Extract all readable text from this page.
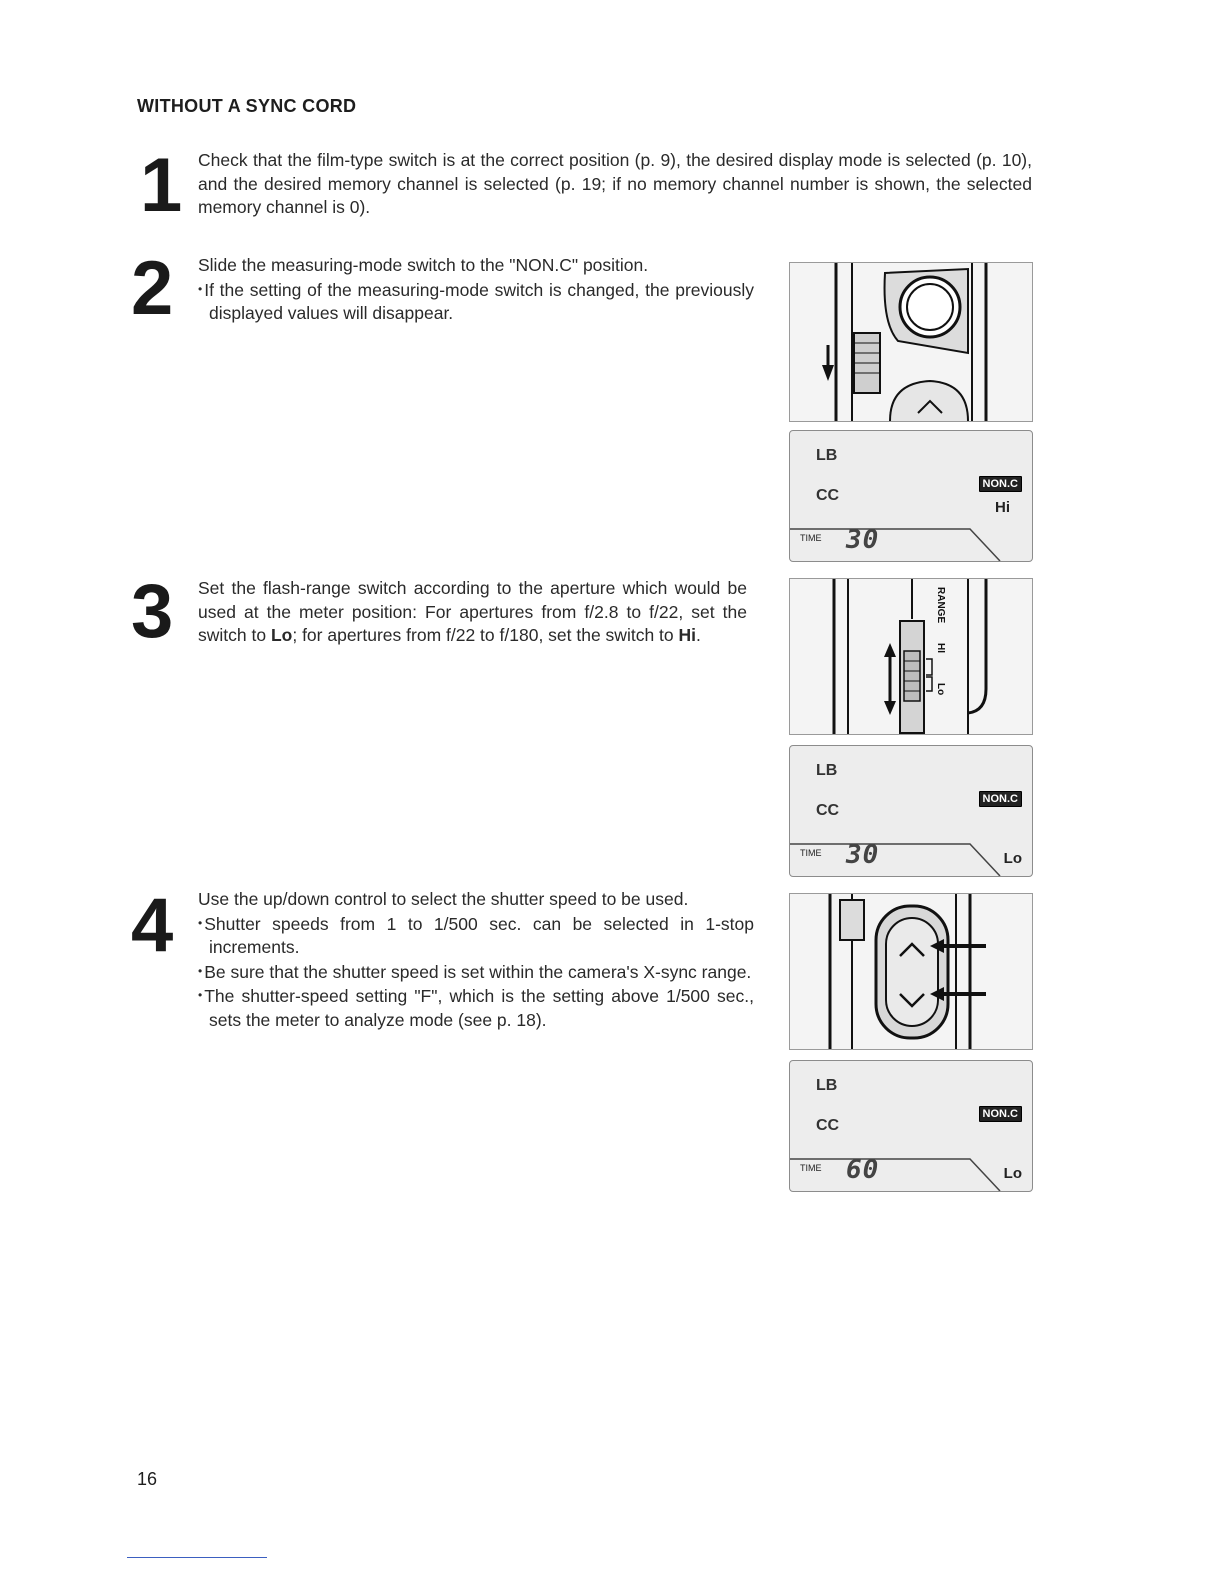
WITHOUT A SYNC CORD
1 Check that the film-type switch is at the correct position (p. 9), the desired display mode is selected (p. 10), and the desired memory channel is selected (p. 19; if no memory channel number is shown, the selected memory channel is 0).

2 Slide the measuring-mode switch to the "NON.C" position.

• If the setting of the measuring-mode switch is changed, the previously displayed values will disappear.

3 Set the flash-range switch according to the aperture which would be used at the meter position: For apertures from f/2.8 to f/22, set the switch to Lo; for apertures from f/22 to f/180, set the switch to Hi.

4 Use the up/down control to select the shutter speed to be used.

• Shutter speeds from 1 to 1/500 sec. can be selected in 1-stop increments.

• Be sure that the shutter speed is set within the camera's X-sync range.

• The shutter-speed setting "F", which is the setting above 1/500 sec., sets the meter to analyze mode (see p. 18).

LB
CC
NON.C
Hi
TIME 30
RANGE
HI
Lo
LB
CC
NON.C
Lo
TIME 30
LB
CC
NON.C
Lo
TIME 60
16
